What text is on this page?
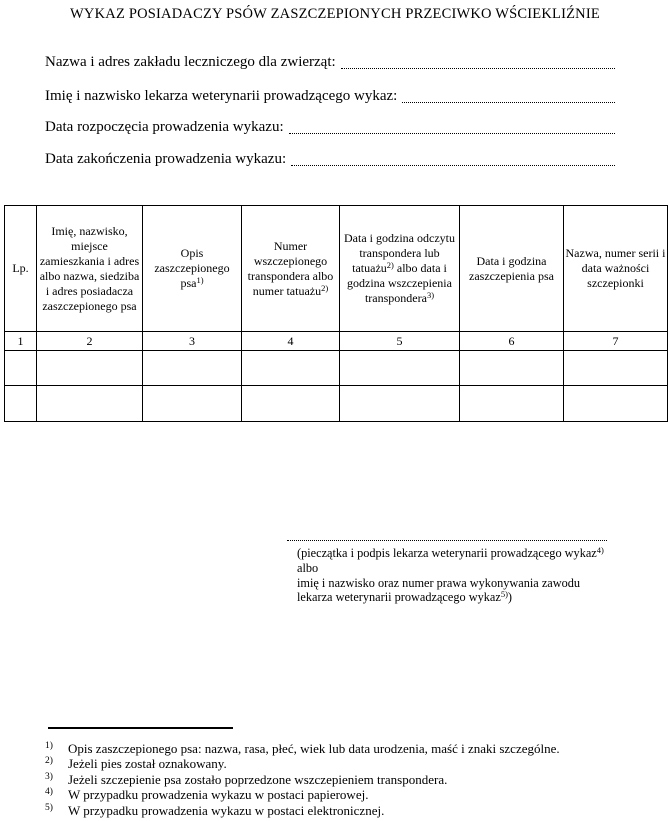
WYKAZ POSIADACZY PSÓW ZASZCZEPIONYCH PRZECIWKO WŚCIEKLIŹNIE
Nazwa i adres zakładu leczniczego dla zwierząt:
Imię i nazwisko lekarza weterynarii prowadzącego wykaz:
Data rozpoczęcia prowadzenia wykazu:
Data zakończenia prowadzenia wykazu:
Lp.	Imię, nazwisko, miejsce zamieszkania i adres albo nazwa, siedziba i adres posiadacza zaszczepionego psa	Opis zaszczepionego psa$^{1)}$	Numer wszczepionego transpondera albo numer tatuażu$^{2)}$	Data i godzina odczytu transpondera lub tatuażu$^{2)}$ albo data i godzina wszczepienia transpondera$^{3)}$	Data i godzina zaszczepienia psa	Nazwa, numer serii i data ważności szczepionki
1	2	3	4	5	6	7

(pieczątka i podpis lekarza weterynarii prowadzącego wykaz$^{4)}$ albo
imię i nazwisko oraz numer prawa wykonywania zawodu
lekarza weterynarii prowadzącego wykaz$^{5)}$)
1)	Opis zaszczepionego psa: nazwa, rasa, płeć, wiek lub data urodzenia, maść i znaki szczególne.
2)	Jeżeli pies został oznakowany.
3)	Jeżeli szczepienie psa zostało poprzedzone wszczepieniem transpondera.
4)	W przypadku prowadzenia wykazu w postaci papierowej.
5)	W przypadku prowadzenia wykazu w postaci elektronicznej.
